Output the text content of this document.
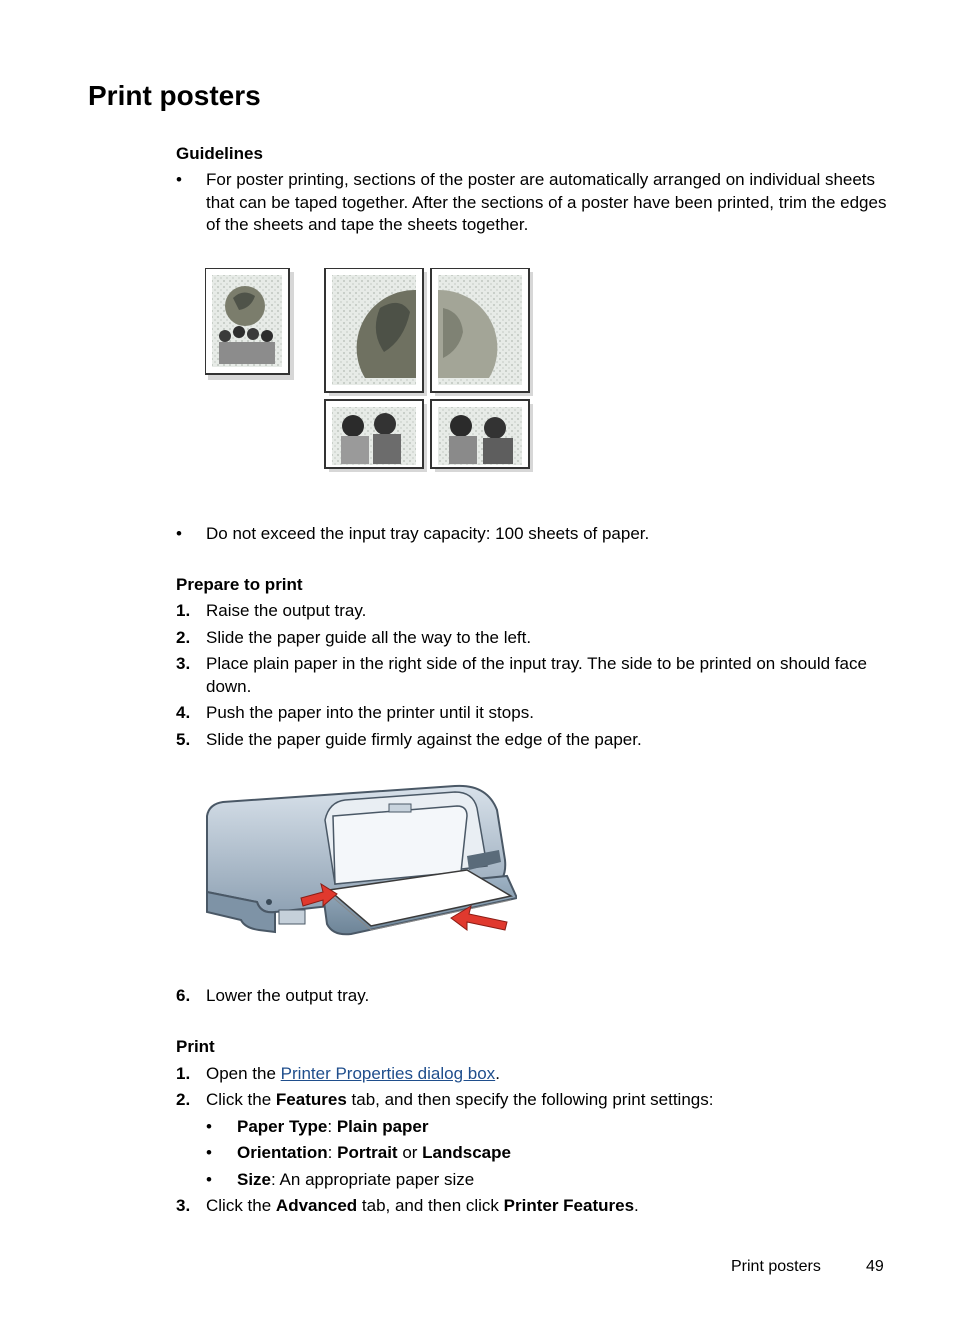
Print posters
Guidelines
•	For poster printing, sections of the poster are automatically arranged on individual sheets that can be taped together. After the sections of a poster have been printed, trim the edges of the sheets and tape the sheets together.
•	Do not exceed the input tray capacity: 100 sheets of paper.
Prepare to print
1. Raise the output tray.
2. Slide the paper guide all the way to the left.
3. Place plain paper in the right side of the input tray. The side to be printed on should face down.
4. Push the paper into the printer until it stops.
5. Slide the paper guide firmly against the edge of the paper.
6. Lower the output tray.
Print
1. Open the Printer Properties dialog box.
2. Click the Features tab, and then specify the following print settings:
•	Paper Type: Plain paper
•	Orientation: Portrait or Landscape
•	Size: An appropriate paper size
3. Click the Advanced tab, and then click Printer Features.
Print posters	49
